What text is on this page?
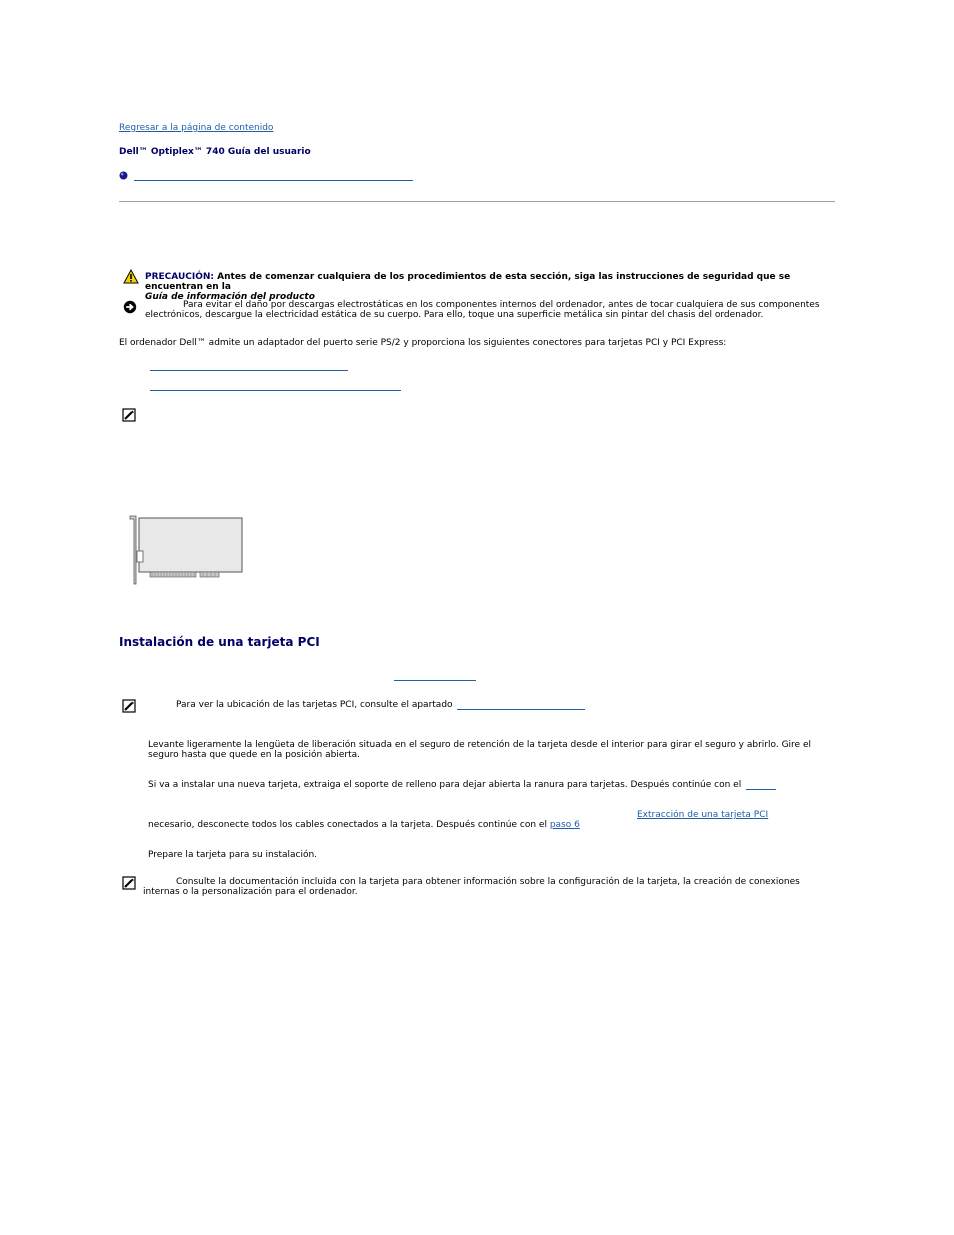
Regresar a la página de contenido
Dell™ Optiplex™ 740 Guía del usuario
PRECAUCIÓN: Antes de comenzar cualquiera de los procedimientos de esta sección, siga las instrucciones de seguridad que se encuentran en la
Guía de información del producto
Para evitar el daño por descargas electrostáticas en los componentes internos del ordenador, antes de tocar cualquiera de sus componentes
electrónicos, descargue la electricidad estática de su cuerpo. Para ello, toque una superficie metálica sin pintar del chasis del ordenador.
El ordenador Dell™ admite un adaptador del puerto serie PS/2 y proporciona los siguientes conectores para tarjetas PCI y PCI Express:
Instalación de una tarjeta PCI
Para ver la ubicación de las tarjetas PCI, consulte el apartado
Levante ligeramente la lengüeta de liberación situada en el seguro de retención de la tarjeta desde el interior para girar el seguro y abrirlo. Gire el
seguro hasta que quede en la posición abierta.
Si va a instalar una nueva tarjeta, extraiga el soporte de relleno para dejar abierta la ranura para tarjetas. Después continúe con el
Extracción de una tarjeta PCI
necesario, desconecte todos los cables conectados a la tarjeta. Después continúe con el paso 6
Prepare la tarjeta para su instalación.
Consulte la documentación incluida con la tarjeta para obtener información sobre la configuración de la tarjeta, la creación de conexiones
internas o la personalización para el ordenador.
